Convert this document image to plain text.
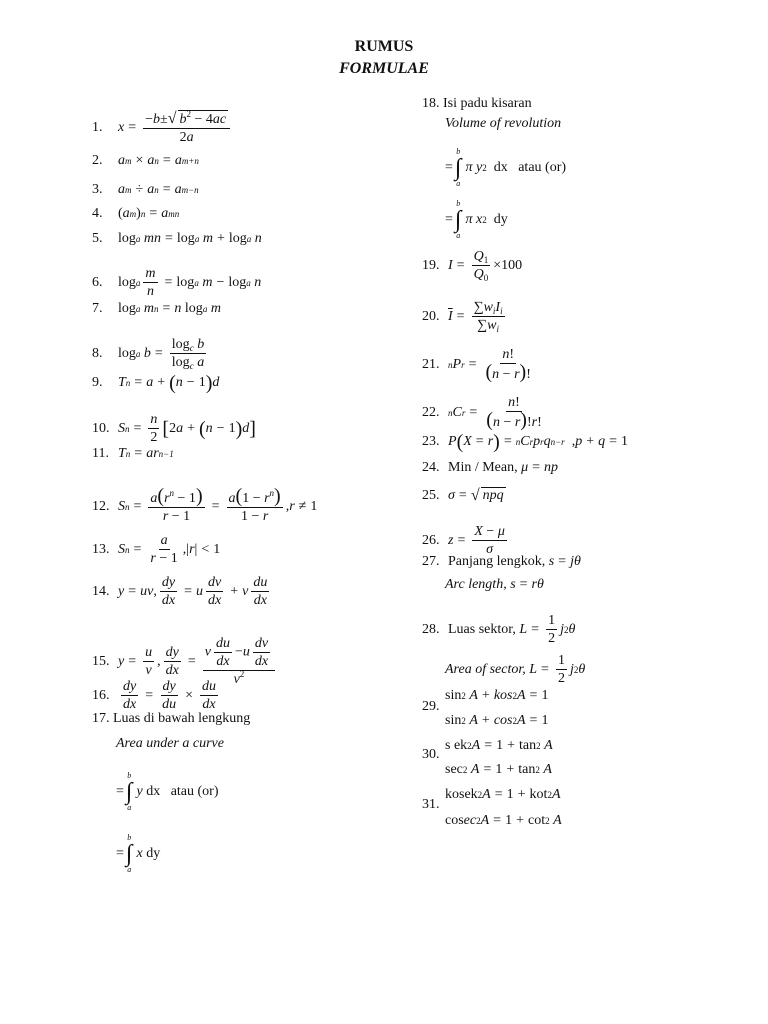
RUMUS
FORMULAE
1.	$x = \frac{-b\pm√ b^2 - 4ac}{2a}$
2.	a m × a n = a m+n
3.	a m ÷ a n = a m−n
4.	( a m ) n = a mn
5.	log a mn = log a m + log a n
6.	log a $\frac{m}{n} = \log a$ m − log a n
7.	log a m n = n log a m
8.	log a $b = \frac{\log_c b}{\log_c a}$
9.	T n = a + ( n − 1 ) d
10. S $n = \frac{n}{2}$ [ 2 a + ( n − 1 ) d ]
11. T n = ar n−1
12. S $n = \frac{a(r^n - 1)}{r - 1} = \frac{a(1 - r^n)}{1 - r}$ , r ≠ 1
13. S $n = \frac{a}{r - 1}$ , | r | < 1
14. y = uv , $\frac{dy}{dx} = u$
dv
dx
+ v
du
dx
15. $y = \frac{u}{v}$ , $\frac{dy}{dx}$ =
v $\frac{du}{dx} -u \frac{dv}{dx}$
$v^2$
16. $\frac{dy}{dx} = \frac{dy}{du} \times \frac{du}{dx}$
17.
Luas di bawah lengkung
Area under a curve
=
b
∫
a
y dx atau (or)
=
b
∫
a
x dy
18.
Isi padu kisaran
Volume of revolution
=
b
∫
a
π y 2 dx atau (or)
=
b
∫
a
π x 2 dy
19. $I = \frac{Q_1}{Q_0} \times 100$
20. $\overline{I}$ =
$\sum w_iI_i$
$\sum w_i$
21. n P $r = \frac{n!}{(n - r)!}$
22. n C $r = \frac{n!}{(n - r)!r!}$
23. P ( X = r ) = n C r p r q n−r , p + q = 1
24. Min / Mean,
μ = np
25. σ = √ npq
26. $z = \frac{X - \mu}{\sigma}$
27. Panjang lengkok,
s = jθ
Arc length,
s = rθ
28. Luas sektor,
$L = \frac{1}{2}$ j 2 θ
Area of sector,
$L = \frac{1}{2}$ j 2 θ
29.
sin 2 A + kos 2 A = 1
sin 2 A + cos 2 A = 1
30.
s ek 2 A = 1 + tan 2 A
sec 2 A = 1 + tan 2 A
31.
kosek 2 A = 1 + kot 2 A
cos ec 2 A = 1 + cot 2 A
